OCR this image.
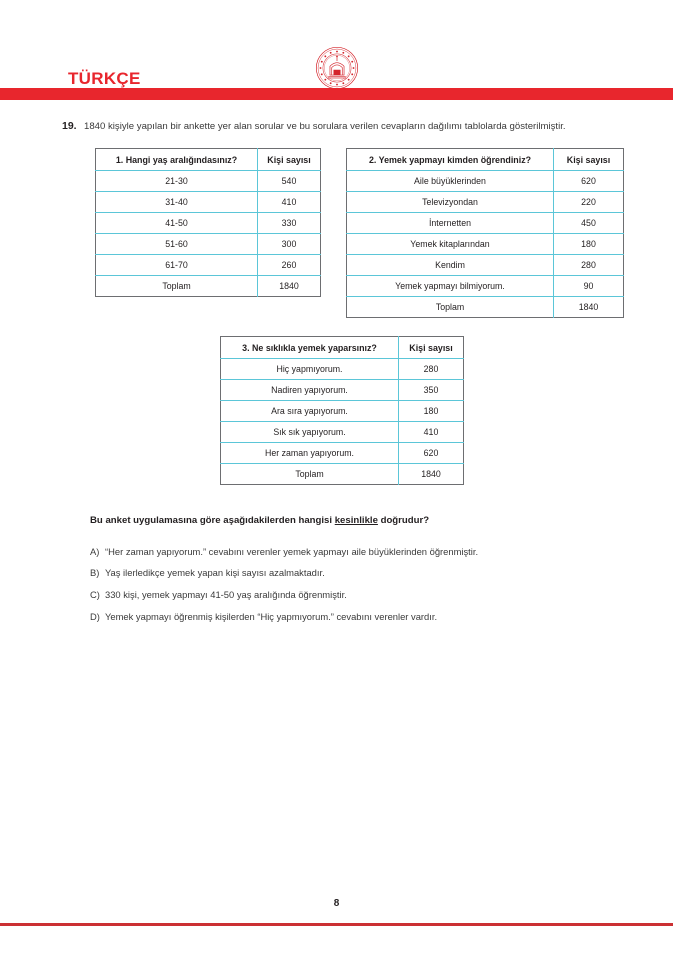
TÜRKÇE
19. 1840 kişiyle yapılan bir ankette yer alan sorular ve bu sorulara verilen cevapların dağılımı tablolarda gösterilmiştir.
1. Hangi yaş aralığındasınız?	Kişi sayısı
21-30	540
31-40	410
41-50	330
51-60	300
61-70	260
Toplam	1840
2. Yemek yapmayı kimden öğrendiniz?	Kişi sayısı
Aile büyüklerinden	620
Televizyondan	220
İnternetten	450
Yemek kitaplarından	180
Kendim	280
Yemek yapmayı bilmiyorum.	90
Toplam	1840
3. Ne sıklıkla yemek yaparsınız?	Kişi sayısı
Hiç yapmıyorum.	280
Nadiren yapıyorum.	350
Ara sıra yapıyorum.	180
Sık sık yapıyorum.	410
Her zaman yapıyorum.	620
Toplam	1840
Bu anket uygulamasına göre aşağıdakilerden hangisi kesinlikle doğrudur?
A) “Her zaman yapıyorum.” cevabını verenler yemek yapmayı aile büyüklerinden öğrenmiştir.
B) Yaş ilerledikçe yemek yapan kişi sayısı azalmaktadır.
C) 330 kişi, yemek yapmayı 41-50 yaş aralığında öğrenmiştir.
D) Yemek yapmayı öğrenmiş kişilerden “Hiç yapmıyorum.” cevabını verenler vardır.
8
